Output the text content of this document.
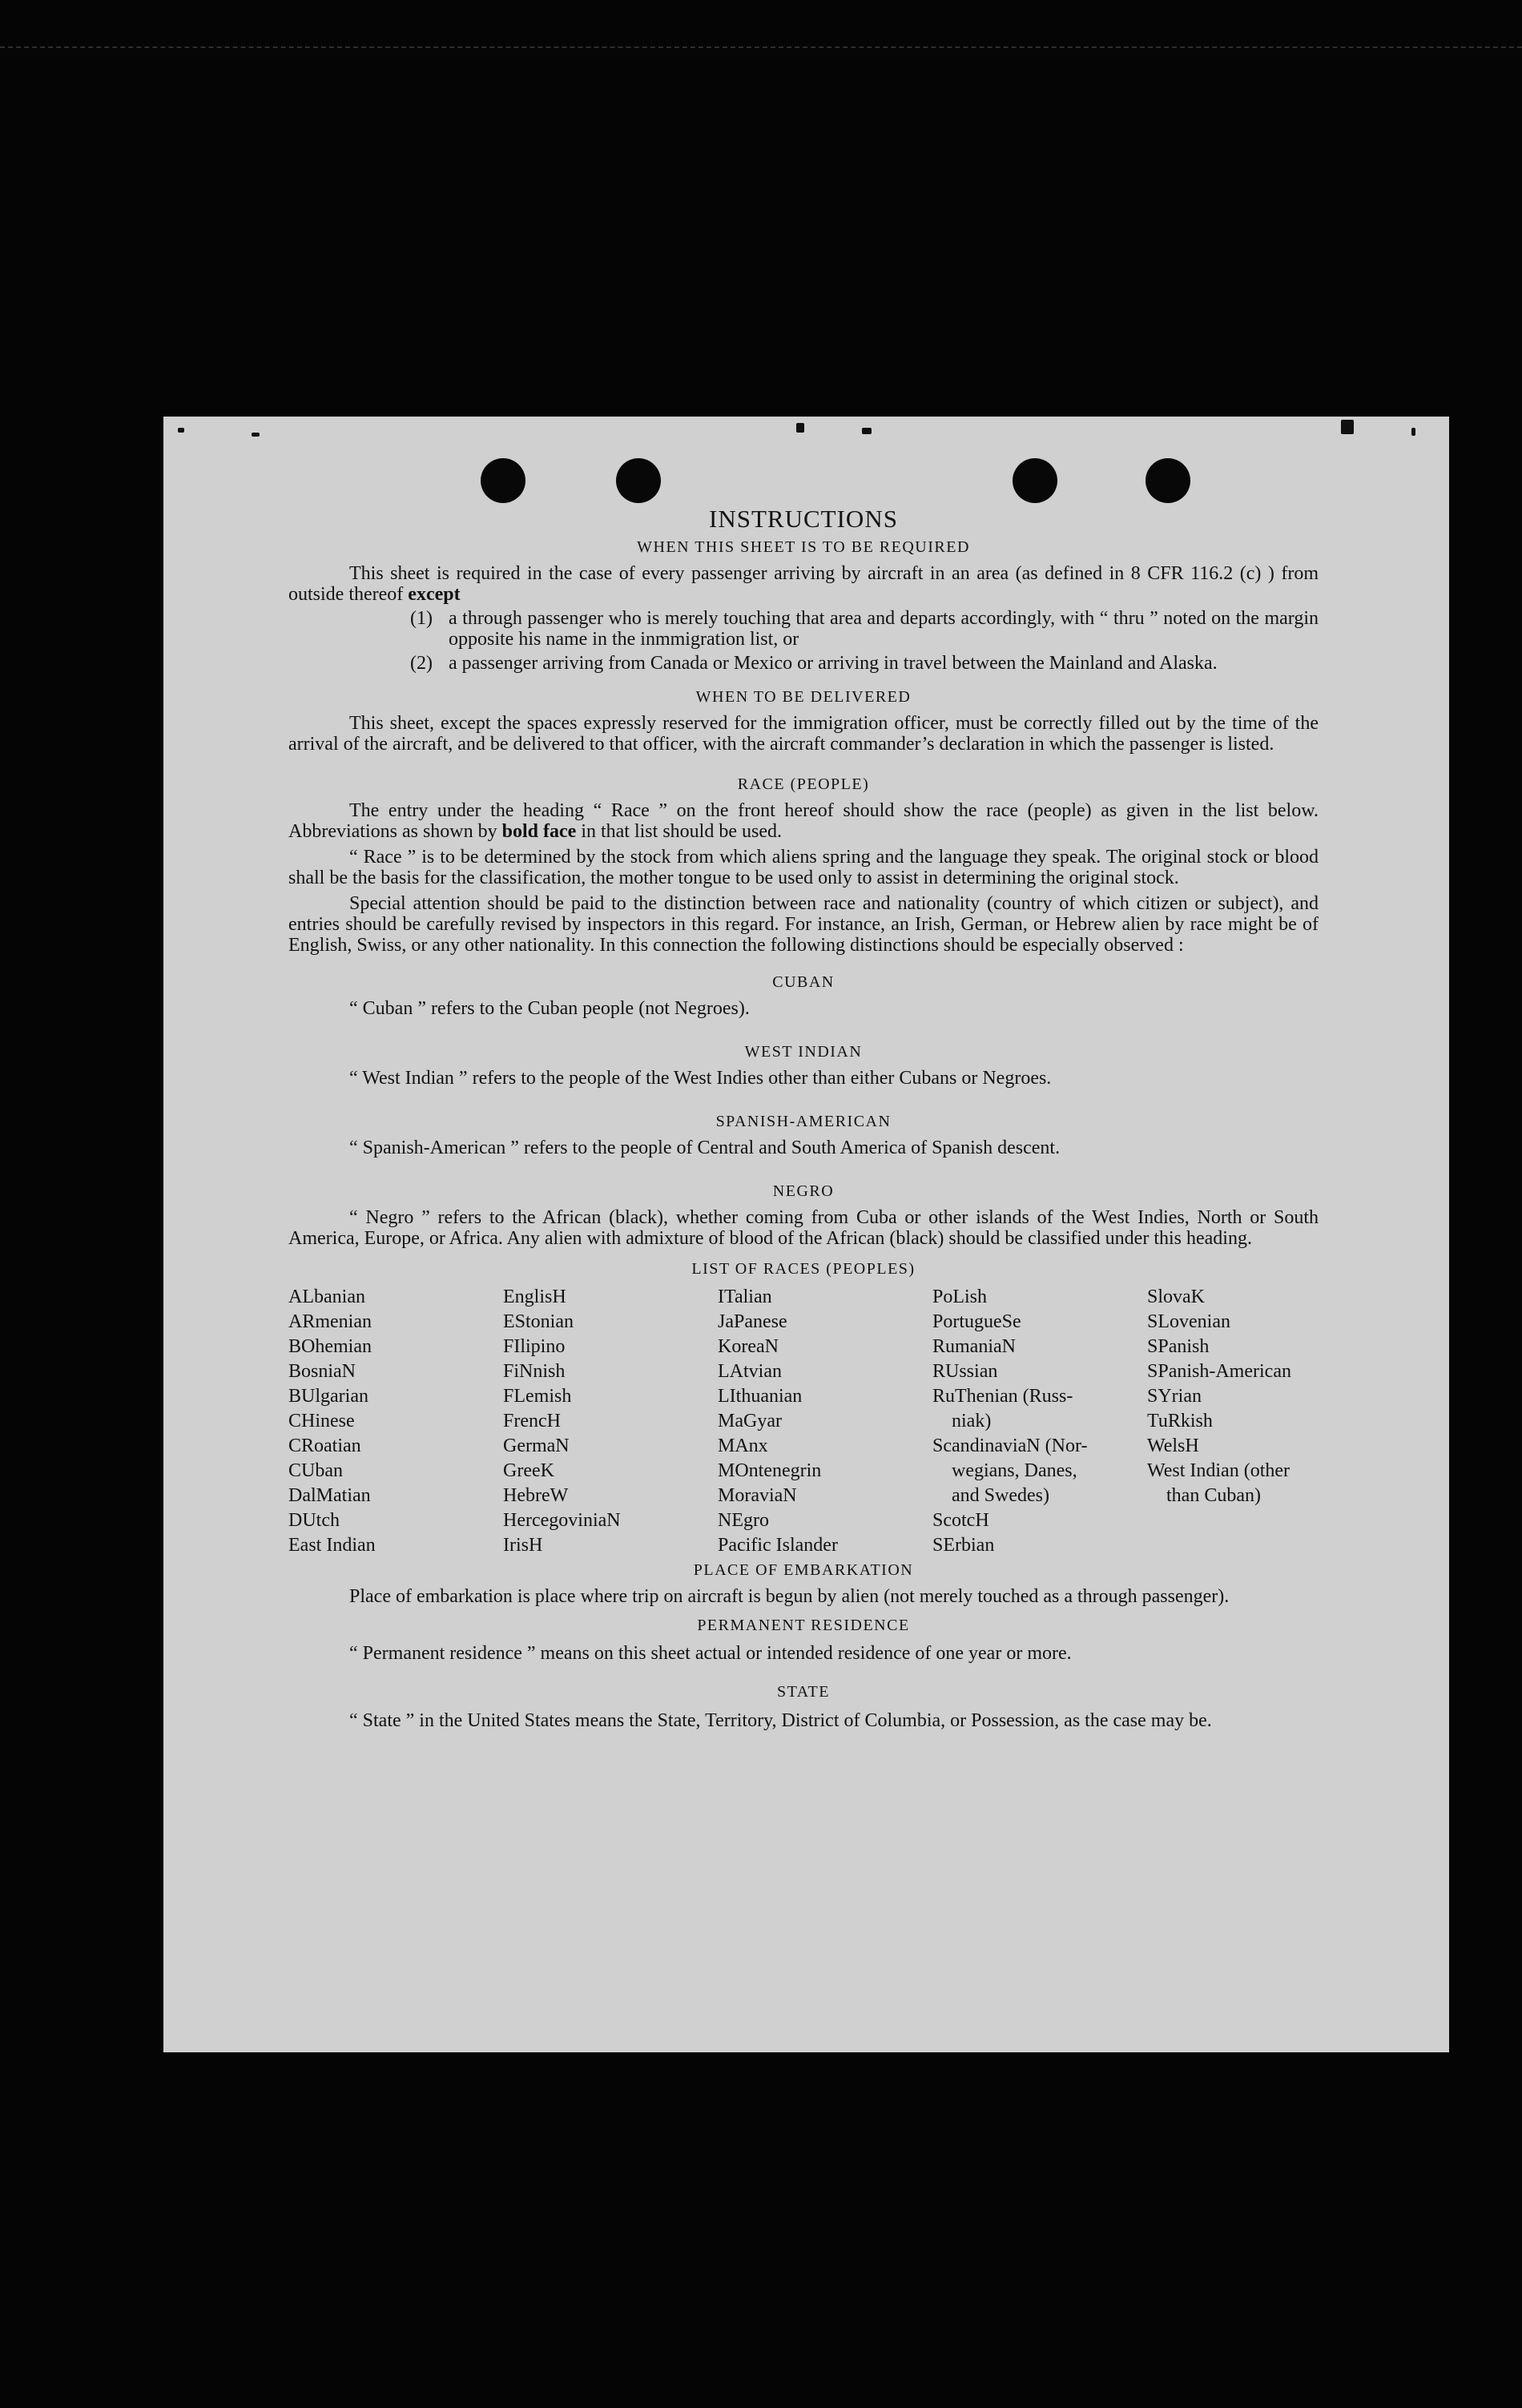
INSTRUCTIONS
WHEN THIS SHEET IS TO BE REQUIRED

This sheet is required in the case of every passenger arriving by aircraft in an area (as defined in 8 CFR 116.2 (c) ) from outside thereof except

(1) a through passenger who is merely touching that area and departs accordingly, with “ thru ” noted on the margin opposite his name in the inmmigration list, or
(2) a passenger arriving from Canada or Mexico or arriving in travel between the Mainland and Alaska.
WHEN TO BE DELIVERED

This sheet, except the spaces expressly reserved for the immigration officer, must be correctly filled out by the time of the arrival of the aircraft, and be delivered to that officer, with the aircraft commander’s declaration in which the passenger is listed.

RACE (PEOPLE)

The entry under the heading “ Race ” on the front hereof should show the race (people) as given in the list below. Abbreviations as shown by bold face in that list should be used.

“ Race ” is to be determined by the stock from which aliens spring and the language they speak. The original stock or blood shall be the basis for the classification, the mother tongue to be used only to assist in determining the original stock.

Special attention should be paid to the distinction between race and nationality (country of which citizen or subject), and entries should be carefully revised by inspectors in this regard. For instance, an Irish, German, or Hebrew alien by race might be of English, Swiss, or any other nationality. In this connection the following distinctions should be especially observed :

CUBAN

“ Cuban ” refers to the Cuban people (not Negroes).

WEST INDIAN

“ West Indian ” refers to the people of the West Indies other than either Cubans or Negroes.

SPANISH-AMERICAN

“ Spanish-American ” refers to the people of Central and South America of Spanish descent.

NEGRO

“ Negro ” refers to the African (black), whether coming from Cuba or other islands of the West Indies, North or South America, Europe, or Africa. Any alien with admixture of blood of the African (black) should be classified under this heading.

LIST OF RACES (PEOPLES)
ALbanian
ARmenian
BOhemian
BosniaN
BUlgarian
CHinese
CRoatian
CUban
DalMatian
DUtch
East Indian
EnglisH
EStonian
FIlipino
FiNnish
FLemish
FrencH
GermaN
GreeK
HebreW
HercegoviniaN
IrisH
ITalian
JaPanese
KoreaN
LAtvian
LIthuanian
MaGyar
MAnx
MOntenegrin
MoraviaN
NEgro
Pacific Islander
PoLish
PortugueSe
RumaniaN
RUssian
RuThenian (Russ-
niak)
ScandinaviaN (Nor-
wegians, Danes,
and Swedes)
ScotcH
SErbian
SlovaK
SLovenian
SPanish
SPanish-American
SYrian
TuRkish
WelsH
West Indian (other
than Cuban)
PLACE OF EMBARKATION

Place of embarkation is place where trip on aircraft is begun by alien (not merely touched as a through passenger).

PERMANENT RESIDENCE

“ Permanent residence ” means on this sheet actual or intended residence of one year or more.

STATE

“ State ” in the United States means the State, Territory, District of Columbia, or Possession, as the case may be.
